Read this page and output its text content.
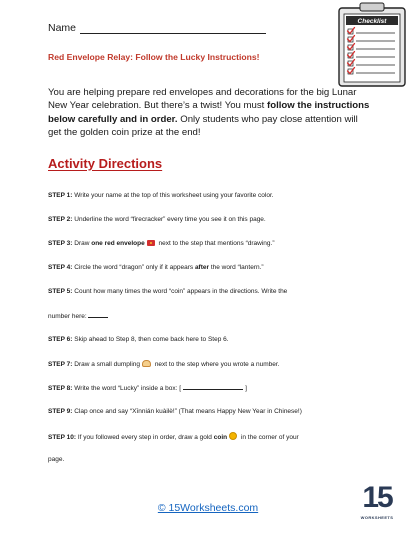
Name
Red Envelope Relay: Follow the Lucky Instructions!
Checklist
You are helping prepare red envelopes and decorations for the big Lunar New Year celebration. But there’s a twist! You must follow the instructions below carefully and in order. Only students who pay close attention will get the golden coin prize at the end!
Activity Directions
STEP 1: Write your name at the top of this worksheet using your favorite color.
STEP 2: Underline the word “firecracker” every time you see it on this page.
STEP 3: Draw one red envelope next to the step that mentions “drawing.”
STEP 4: Circle the word “dragon” only if it appears after the word “lantern.”
STEP 5: Count how many times the word “coin” appears in the directions. Write the
number here:
STEP 6: Skip ahead to Step 8, then come back here to Step 6.
STEP 7: Draw a small dumpling next to the step where you wrote a number.
STEP 8: Write the word “Lucky” inside a box: [	]
STEP 9: Clap once and say “Xīnnián kuàilè!” (That means Happy New Year in Chinese!)
STEP 10: If you followed every step in order, draw a gold coin in the corner of your
page.
© 15Worksheets.com	15
WORKSHEETS
